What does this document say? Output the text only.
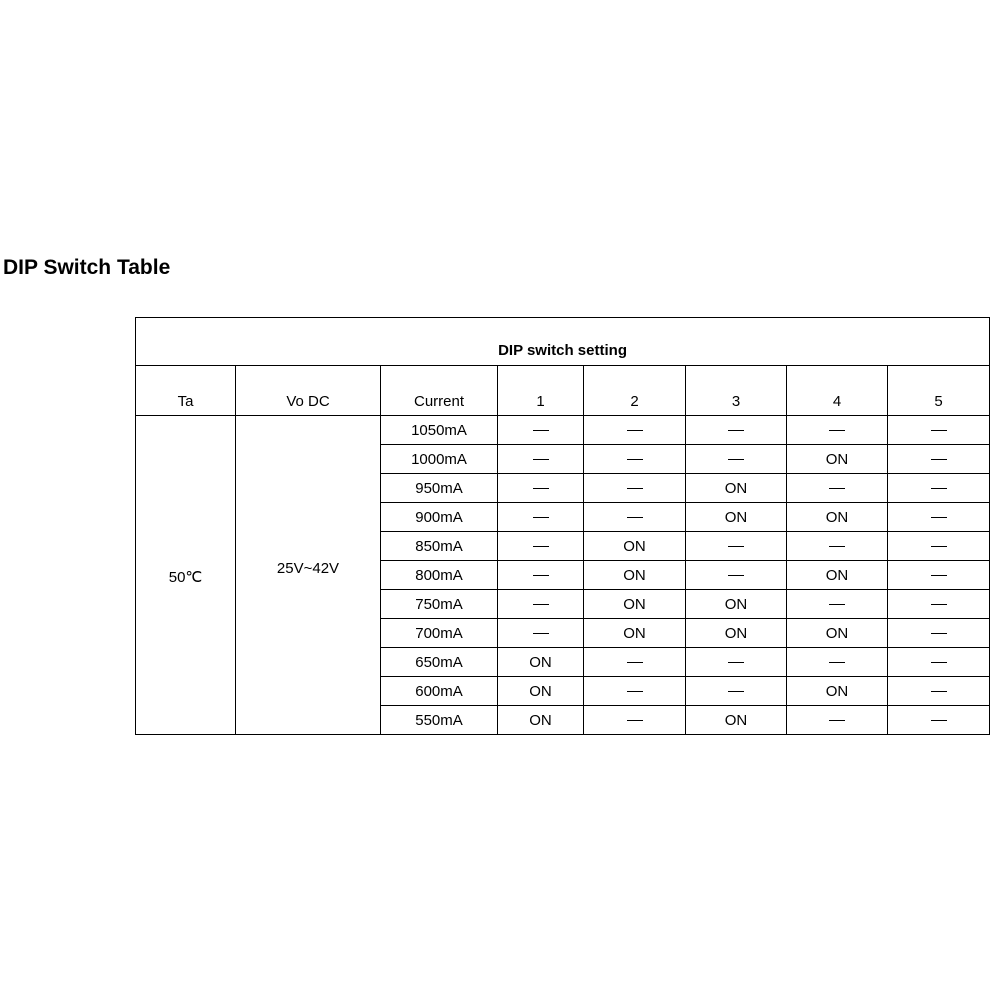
DIP Switch Table
DIP switch setting							
Ta	Vo DC	Current	1	2	3	4	5
50℃	25V~42V	1050mA					
		1000mA				ON	
		950mA			ON		
		900mA			ON	ON	
		850mA		ON			
		800mA		ON		ON	
		750mA		ON	ON		
		700mA		ON	ON	ON	
		650mA	ON				
		600mA	ON			ON	
		550mA	ON		ON		
